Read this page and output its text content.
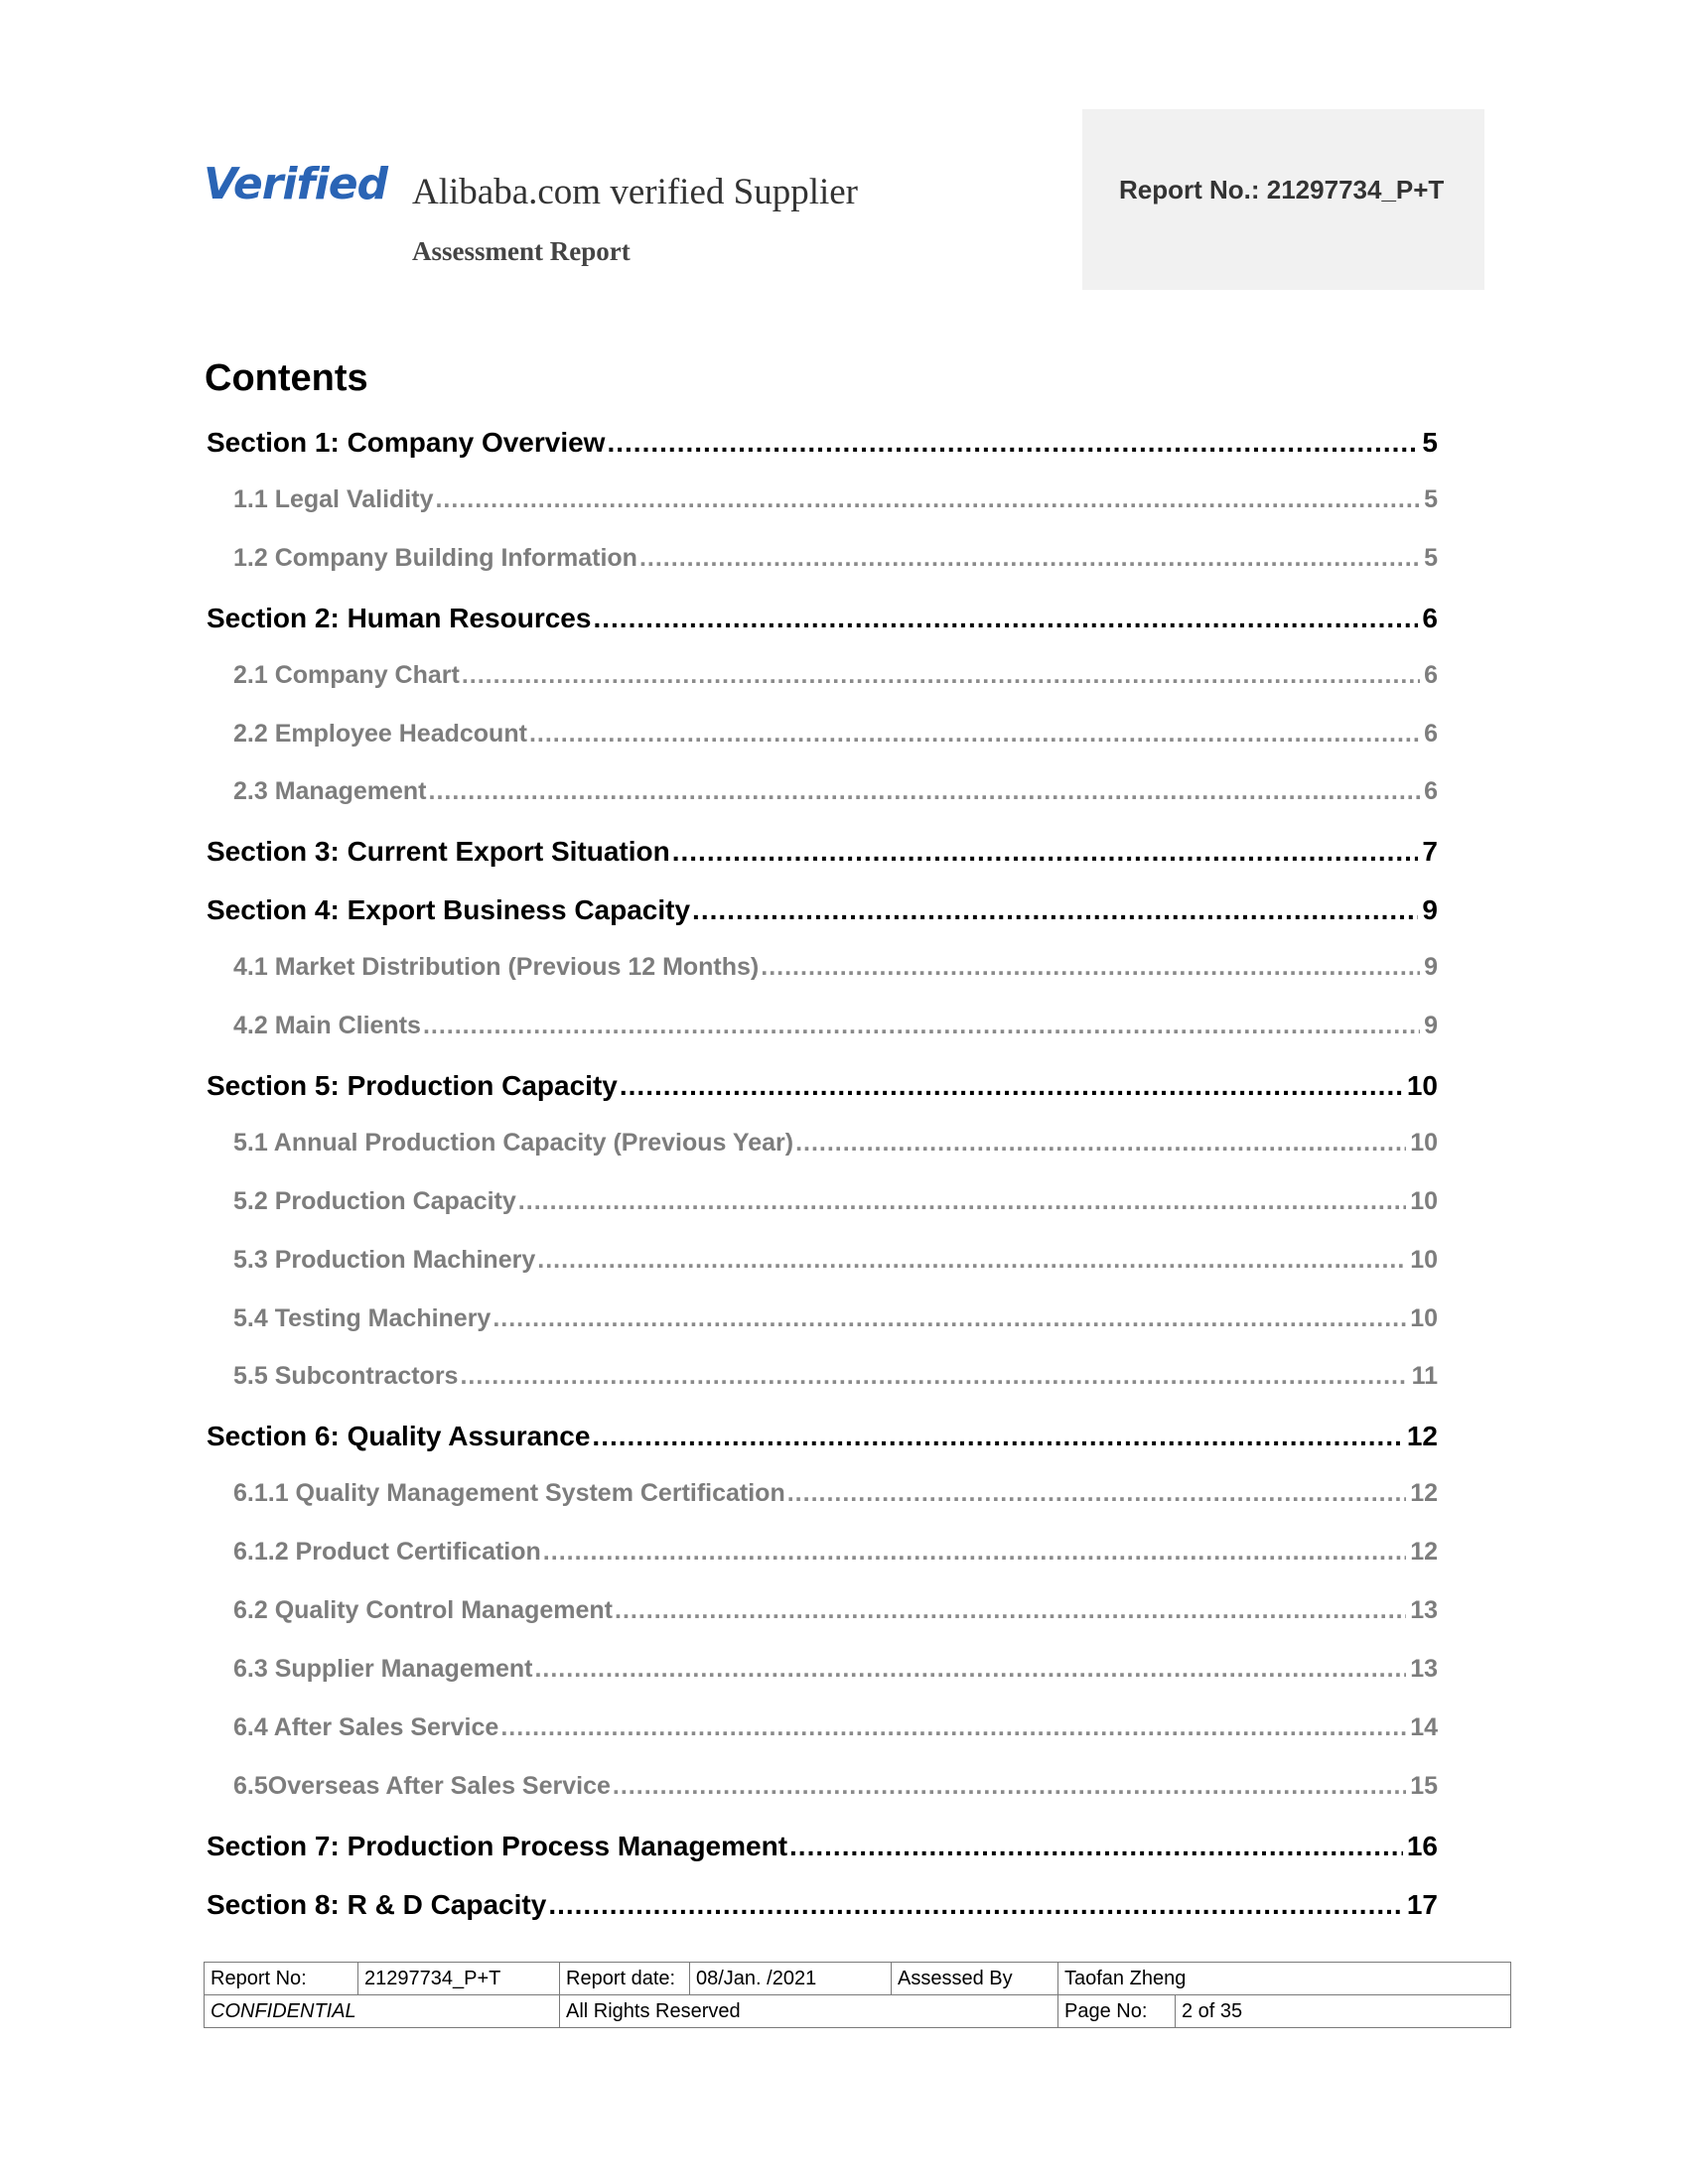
Verified Alibaba.com verified Supplier
Assessment Report
Report No.: 21297734_P+T
Contents
Section 1: Company Overview .....	5
1.1 Legal Validity .....	5
1.2 Company Building Information .....	5
Section 2: Human Resources .....	6
2.1 Company Chart .....	6
2.2 Employee Headcount .....	6
2.3 Management .....	6
Section 3: Current Export Situation .....	7
Section 4: Export Business Capacity .....	9
4.1 Market Distribution (Previous 12 Months) .....	9
4.2 Main Clients .....	9
Section 5: Production Capacity .....	10
5.1 Annual Production Capacity (Previous Year) .....	10
5.2 Production Capacity .....	10
5.3 Production Machinery .....	10
5.4 Testing Machinery .....	10
5.5 Subcontractors .....	11
Section 6: Quality Assurance .....	12
6.1.1 Quality Management System Certification .....	12
6.1.2 Product Certification .....	12
6.2 Quality Control Management .....	13
6.3 Supplier Management .....	13
6.4 After Sales Service .....	14
6.5Overseas After Sales Service .....	15
Section 7: Production Process Management .....	16
Section 8: R & D Capacity .....	17
Report No:	21297734_P+T	Report date:	08/Jan. /2021	Assessed By	Taofan Zheng	
CONFIDENTIAL		All Rights Reserved			Page No:	2 of 35
